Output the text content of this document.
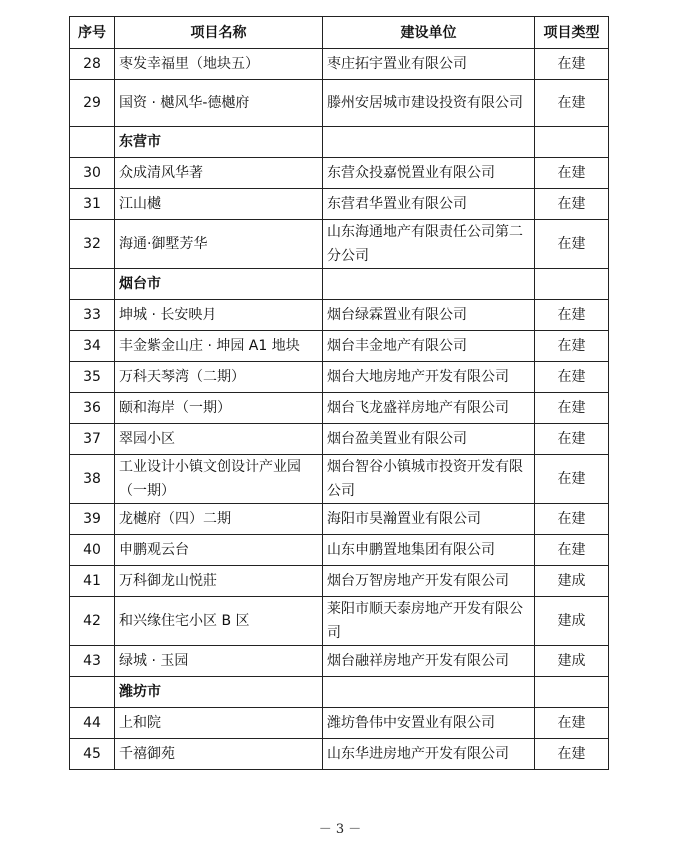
序号	项目名称	建设单位	项目类型
28	枣发幸福里（地块五）	枣庄拓宇置业有限公司	在建
29	国资 · 樾风华-德樾府	滕州安居城市建设投资有限公司	在建
	东营市		
30	众成清风华著	东营众投嘉悦置业有限公司	在建
31	江山樾	东营君华置业有限公司	在建
32	海通·御墅芳华	山东海通地产有限责任公司第二分公司	在建
	烟台市		
33	坤城 · 长安映月	烟台绿霖置业有限公司	在建
34	丰金紫金山庄 · 坤园 A1 地块	烟台丰金地产有限公司	在建
35	万科天琴湾（二期）	烟台大地房地产开发有限公司	在建
36	颐和海岸（一期）	烟台飞龙盛祥房地产有限公司	在建
37	翠园小区	烟台盈美置业有限公司	在建
38	工业设计小镇文创设计产业园（一期）	烟台智谷小镇城市投资开发有限公司	在建
39	龙樾府（四）二期	海阳市昊瀚置业有限公司	在建
40	申鹏观云台	山东申鹏置地集团有限公司	在建
41	万科御龙山悦莊	烟台万智房地产开发有限公司	建成
42	和兴缘住宅小区 B 区	莱阳市顺天泰房地产开发有限公司	建成
43	绿城 · 玉园	烟台融祥房地产开发有限公司	建成
	潍坊市		
44	上和院	潍坊鲁伟中安置业有限公司	在建
45	千禧御苑	山东华进房地产开发有限公司	在建
－ 3 －
